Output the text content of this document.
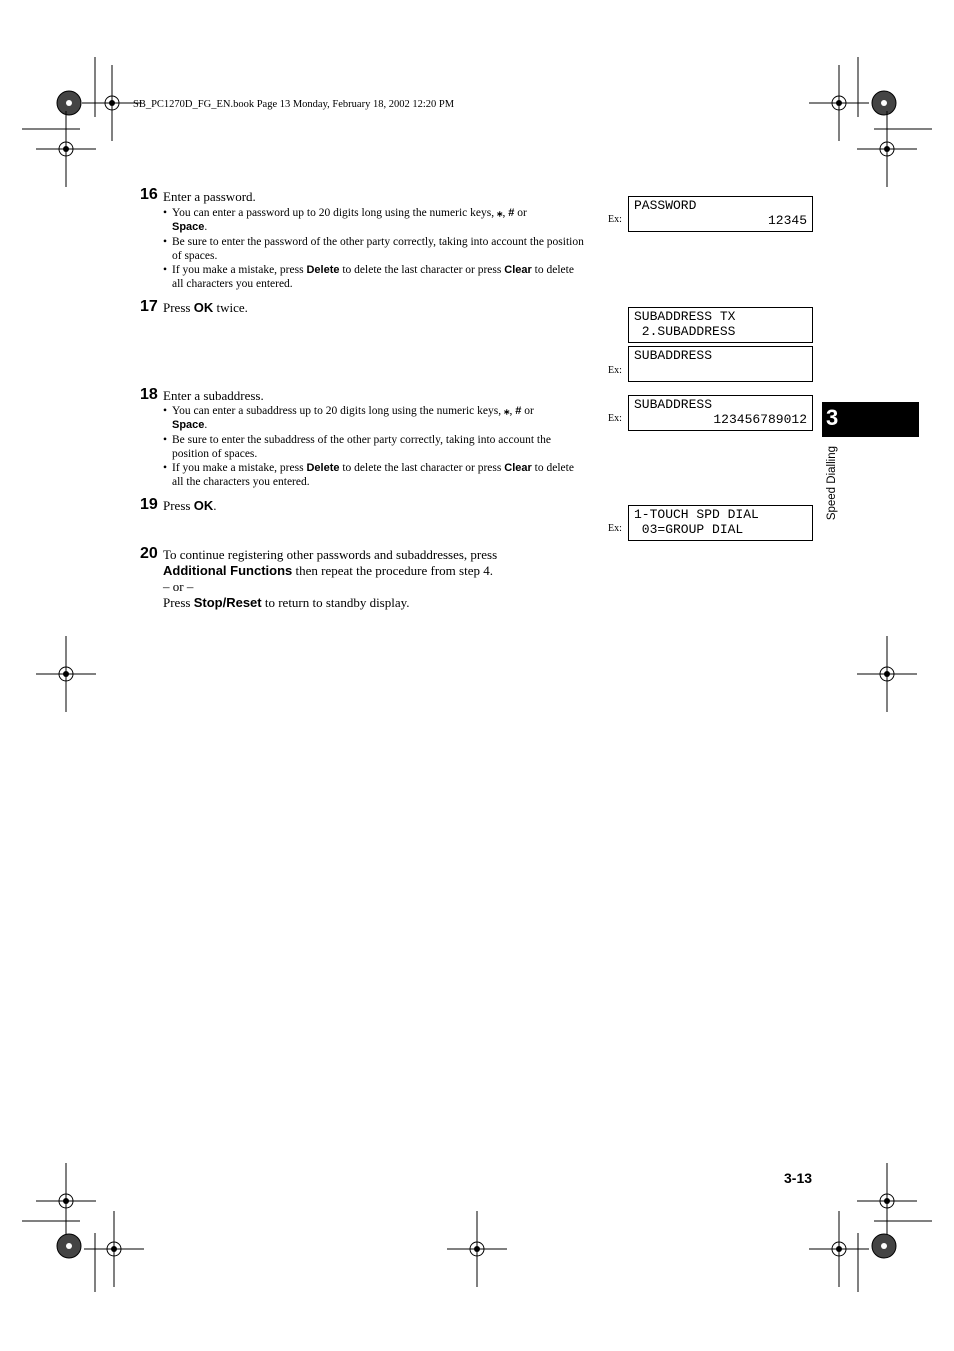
SB_PC1270D_FG_EN.book Page 13 Monday, February 18, 2002 12:20 PM
16 Enter a password.
• You can enter a password up to 20 digits long using the numeric keys, ⁎, # or
Space.
• Be sure to enter the password of the other party correctly, taking into account the position of spaces.
• If you make a mistake, press Delete to delete the last character or press Clear to delete all characters you entered.
17 Press OK twice.
18 Enter a subaddress.
• You can enter a subaddress up to 20 digits long using the numeric keys, ⁎, # or
Space.
• Be sure to enter the subaddress of the other party correctly, taking into account the position of spaces.
• If you make a mistake, press Delete to delete the last character or press Clear to delete all the characters you entered.
19 Press OK.
20 To continue registering other passwords and subaddresses, press
Additional Functions then repeat the procedure from step 4.
– or –
Press Stop/Reset to return to standby display.
Ex:
PASSWORD
12345
SUBADDRESS TX
2.SUBADDRESS
Ex:
SUBADDRESS
Ex:
SUBADDRESS
123456789012
Ex:
1-TOUCH SPD DIAL
03=GROUP DIAL
3
Speed Dialling
3-13
